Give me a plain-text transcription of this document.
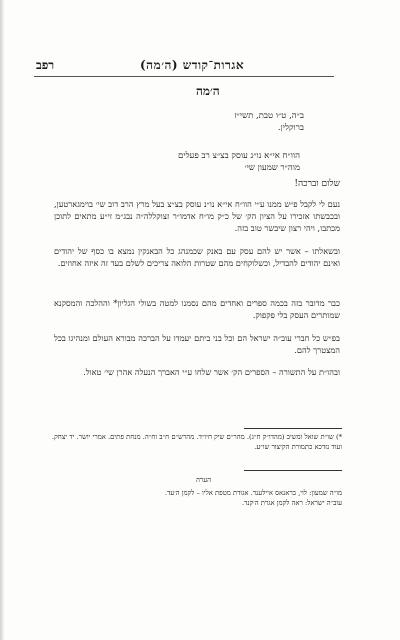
רפב	אגרות־קודש (ה׳מה)
ה׳מה
ב״ה, ט״ו טבת, תשי״ז
ברוקלין.
הוו״ח אי״א נו״נ עוסק בצ״צ רב פעלים
מוה״ר שמעון שי׳
שלום וברכה!
נעם לי לקבל פ״ש ממנו ע״י הוו״ח אי״א נו״נ עוסק בצ״צ בעל מרץ הרב דוב שי׳ בוימגארטען, ובכבשתו אזכירו על הציון הק׳ של כ״ק מו״ח אדמו״ר זצוקללה״ה נבג״מ זי״ע מתאים לתוכן מכתבו, ויהי רצון שיבשר טוב בזה.
ובשאלתו – אשר יש להם עסק עם באנק שכמנהג כל הבאנקין נמצא בו כסף של יהודים ואינם יהודים להבדיל, וכשלוקחים מהם שטרות הלואה צריכים לשלם בעד זה איזה אחוזים.
כבר מדובר בזה בכמה ספרים ואחדים מהם נסמנו למטה בשולי הגליון* וההלכה והמסקנא שמותרים העסק בלי פקפוק.
בפ״ש כל חברי עוב״ה ישראל הם וכל בני ביתם יעמדו על הברכה מבורא העולם ומנהיגו בכל המצטרך להם.
ובהו״ת על התשורה – הספרים הק׳ אשר שלחו ע״י האברך הנעלה אהרן שי׳ טאול.
*) שו״ת שואל ומשיב (מהדו״ק ח״ג). מהר״ם שיק חיו״ד. מהרש״ם ח״ב וח״ה. מנחת פתים. אמרי יושר. יד יצחק. ועוד נזדכא כתמורת הקיצור שו״ע.
הערה
מו״ה שמעון: לוי, בראנאס איילענד. אגודת מטפת אליו – לקמן ה׳עד.
עוב״ה ישראל: ראה לקמן אגרת ה׳קנד.
